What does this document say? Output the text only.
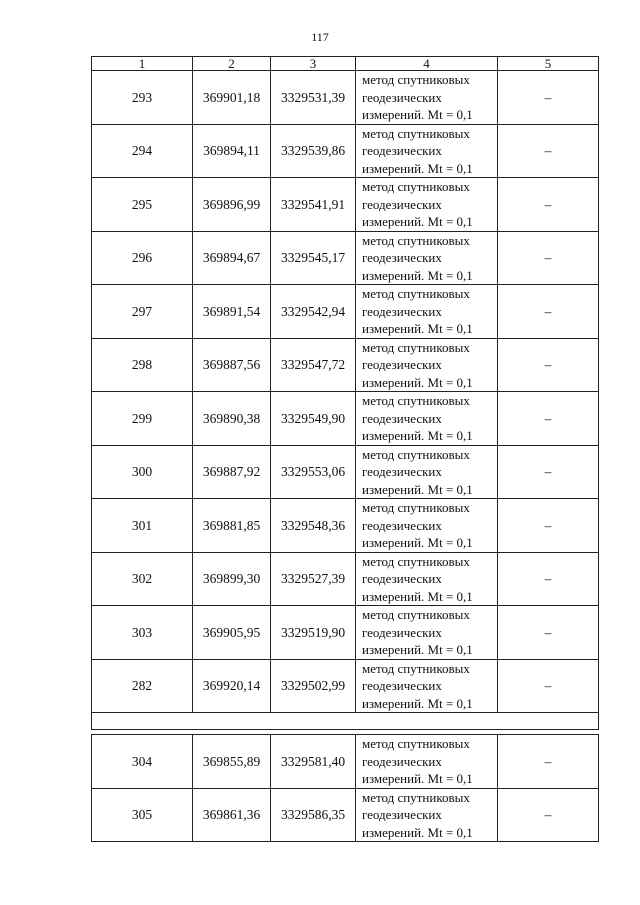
117
1	2	3	4	5
293	369901,18	3329531,39	метод спутниковых
геодезических
измерений. Mt = 0,1	–
294	369894,11	3329539,86	метод спутниковых
геодезических
измерений. Mt = 0,1	–
295	369896,99	3329541,91	метод спутниковых
геодезических
измерений. Mt = 0,1	–
296	369894,67	3329545,17	метод спутниковых
геодезических
измерений. Mt = 0,1	–
297	369891,54	3329542,94	метод спутниковых
геодезических
измерений. Mt = 0,1	–
298	369887,56	3329547,72	метод спутниковых
геодезических
измерений. Mt = 0,1	–
299	369890,38	3329549,90	метод спутниковых
геодезических
измерений. Mt = 0,1	–
300	369887,92	3329553,06	метод спутниковых
геодезических
измерений. Mt = 0,1	–
301	369881,85	3329548,36	метод спутниковых
геодезических
измерений. Mt = 0,1	–
302	369899,30	3329527,39	метод спутниковых
геодезических
измерений. Mt = 0,1	–
303	369905,95	3329519,90	метод спутниковых
геодезических
измерений. Mt = 0,1	–
282	369920,14	3329502,99	метод спутниковых
геодезических
измерений. Mt = 0,1	–

304	369855,89	3329581,40	метод спутниковых
геодезических
измерений. Mt = 0,1	–
305	369861,36	3329586,35	метод спутниковых
геодезических
измерений. Mt = 0,1	–
